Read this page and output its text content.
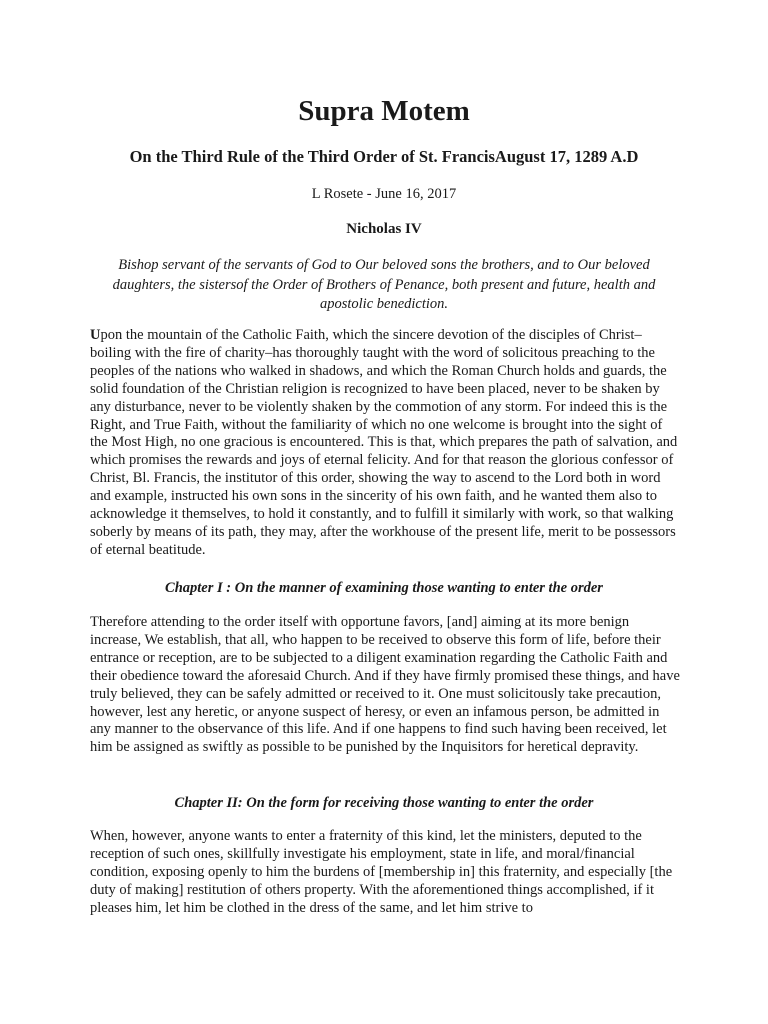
Supra Motem
On the Third Rule of the Third Order of St. FrancisAugust 17, 1289 A.D

L Rosete - June 16, 2017

Nicholas IV

Bishop servant of the servants of God to Our beloved sons the brothers, and to Our beloved daughters, the sistersof the Order of Brothers of Penance, both present and future, health and apostolic benediction.

Upon the mountain of the Catholic Faith, which the sincere devotion of the disciples of Christ–boiling with the fire of charity–has thoroughly taught with the word of solicitous preaching to the peoples of the nations who walked in shadows, and which the Roman Church holds and guards, the solid foundation of the Christian religion is recognized to have been placed, never to be shaken by any disturbance, never to be violently shaken by the commotion of any storm. For indeed this is the Right, and True Faith, without the familiarity of which no one welcome is brought into the sight of the Most High, no one gracious is encountered. This is that, which prepares the path of salvation, and which promises the rewards and joys of eternal felicity. And for that reason the glorious confessor of Christ, Bl. Francis, the institutor of this order, showing the way to ascend to the Lord both in word and example, instructed his own sons in the sincerity of his own faith, and he wanted them also to acknowledge it themselves, to hold it constantly, and to fulfill it similarly with work, so that walking soberly by means of its path, they may, after the workhouse of the present life, merit to be possessors of eternal beatitude.

Chapter I : On the manner of examining those wanting to enter the order

Therefore attending to the order itself with opportune favors, [and] aiming at its more benign increase, We establish, that all, who happen to be received to observe this form of life, before their entrance or reception, are to be subjected to a diligent examination regarding the Catholic Faith and their obedience toward the aforesaid Church. And if they have firmly promised these things, and have truly believed, they can be safely admitted or received to it. One must solicitously take precaution, however, lest any heretic, or anyone suspect of heresy, or even an infamous person, be admitted in any manner to the observance of this life. And if one happens to find such having been received, let him be assigned as swiftly as possible to be punished by the Inquisitors for heretical depravity.

Chapter II: On the form for receiving those wanting to enter the order

When, however, anyone wants to enter a fraternity of this kind, let the ministers, deputed to the reception of such ones, skillfully investigate his employment, state in life, and moral/financial condition, exposing openly to him the burdens of [membership in] this fraternity, and especially [the duty of making] restitution of others property. With the aforementioned things accomplished, if it pleases him, let him be clothed in the dress of the same, and let him strive to
